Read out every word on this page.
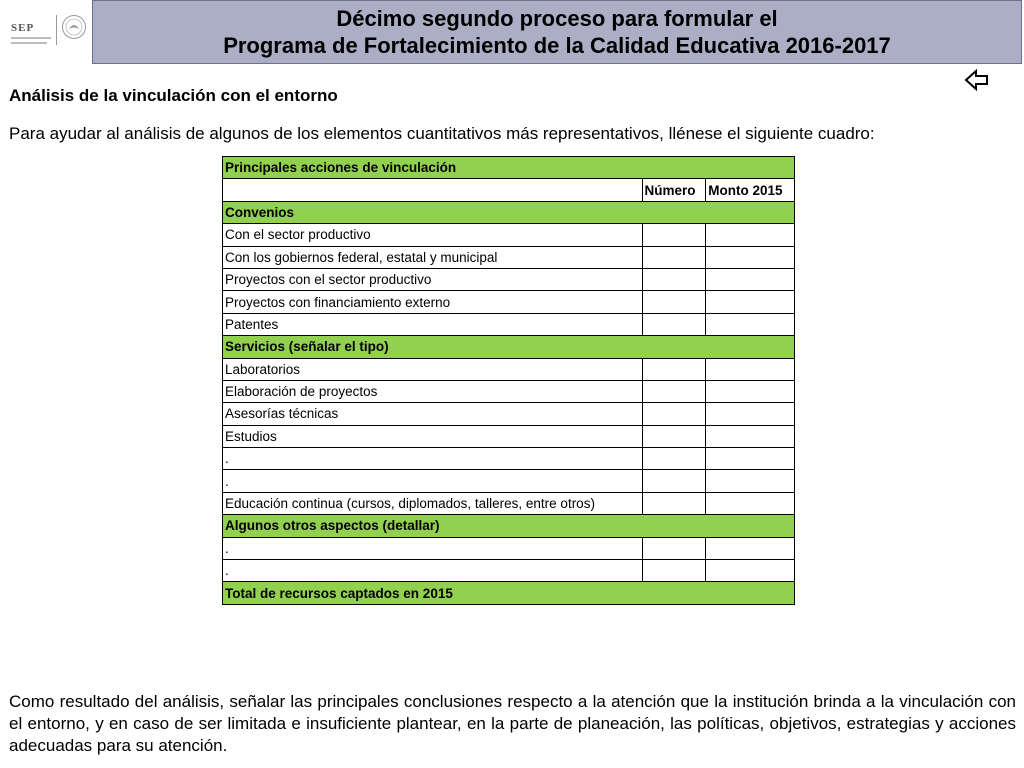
SEP	Décimo segundo proceso para formular el
Programa de Fortalecimiento de la Calidad Educativa 2016-2017
Análisis de la vinculación con el entorno
Para ayudar al análisis de algunos de los elementos cuantitativos más representativos, llénese el siguiente cuadro:
Principales acciones de vinculación		
	Número	Monto 2015
Convenios		
Con el sector productivo		
Con los gobiernos federal, estatal y municipal		
Proyectos con el sector productivo		
Proyectos con financiamiento externo		
Patentes		
Servicios (señalar el tipo)		
Laboratorios		
Elaboración de proyectos		
Asesorías técnicas		
Estudios		
.		
.		
Educación continua (cursos, diplomados, talleres, entre otros)		
Algunos otros aspectos (detallar)		
.		
.		
Total de recursos captados en 2015		
Como resultado del análisis, señalar las principales conclusiones respecto a la atención que la institución brinda a la vinculación con el entorno, y en caso de ser limitada e insuficiente plantear, en la parte de planeación, las políticas, objetivos, estrategias y acciones adecuadas para su atención.
